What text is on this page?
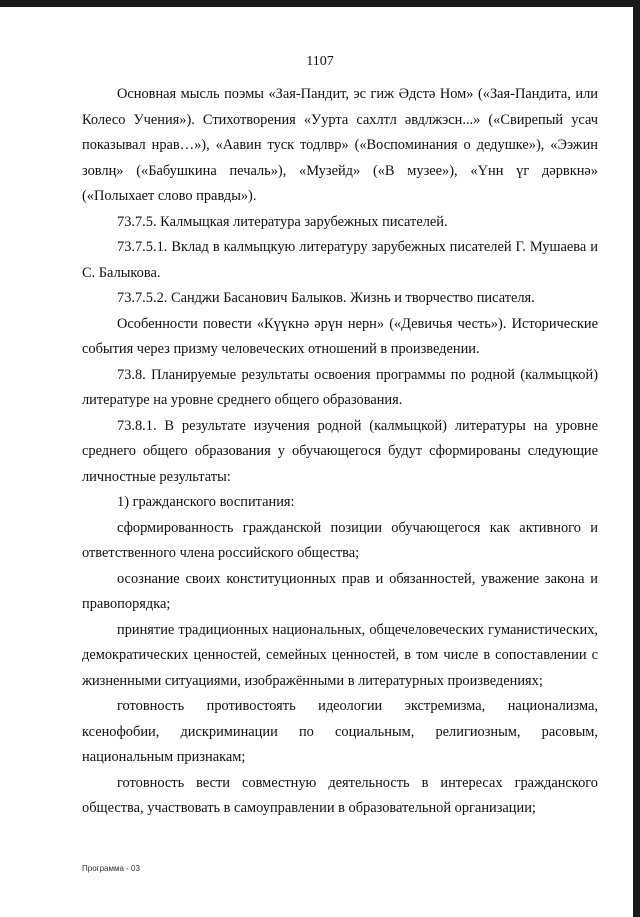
1107

Основная мысль поэмы «Зая-Пандит, эс гиж Әдстә Ном» («Зая-Пандита, или Колесо Учения»). Стихотворения «Уурта сахлтл әвдлжэсн...» («Свирепый усач показывал нрав…»), «Аавин туск тодлвр» («Воспоминания о дедушке»), «Ээжин зовлң» («Бабушкина печаль»), «Музейд» («В музее»), «Үнн үг дәрвкнә» («Полыхает слово правды»).

73.7.5. Калмыцкая литература зарубежных писателей.

73.7.5.1. Вклад в калмыцкую литературу зарубежных писателей Г. Мушаева и С. Балыкова.

73.7.5.2. Санджи Басанович Балыков. Жизнь и творчество писателя.

Особенности повести «Күүкнә әрүн нерн» («Девичья честь»). Исторические события через призму человеческих отношений в произведении.

73.8. Планируемые результаты освоения программы по родной (калмыцкой) литературе на уровне среднего общего образования.

73.8.1. В результате изучения родной (калмыцкой) литературы на уровне среднего общего образования у обучающегося будут сформированы следующие личностные результаты:

1) гражданского воспитания:

сформированность гражданской позиции обучающегося как активного и ответственного члена российского общества;

осознание своих конституционных прав и обязанностей, уважение закона и правопорядка;

принятие традиционных национальных, общечеловеческих гуманистических, демократических ценностей, семейных ценностей, в том числе в сопоставлении с жизненными ситуациями, изображёнными в литературных произведениях;

готовность противостоять идеологии экстремизма, национализма, ксенофобии, дискриминации по социальным, религиозным, расовым, национальным признакам;

готовность вести совместную деятельность в интересах гражданского общества, участвовать в самоуправлении в образовательной организации;

Программа - 03
